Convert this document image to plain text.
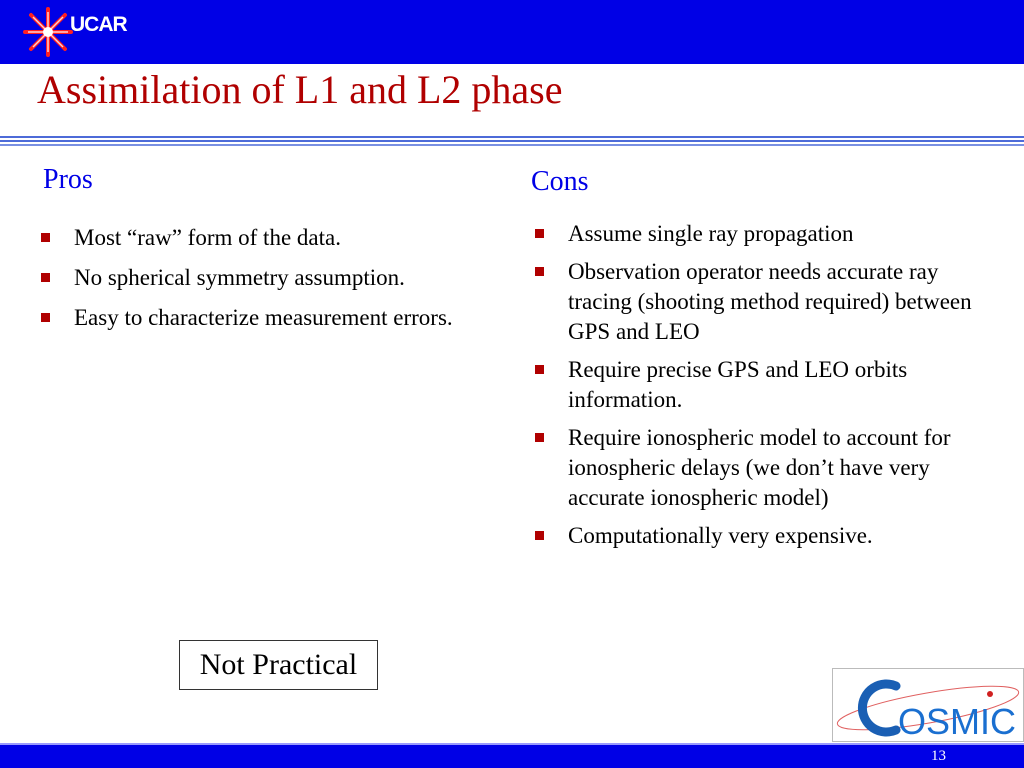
UCAR
Assimilation of L1 and L2 phase
Pros	Cons
Most “raw” form of the data.
No spherical symmetry assumption.
Easy to characterize measurement errors.
Assume single ray propagation
Observation operator needs accurate ray tracing (shooting method required) between GPS and LEO
Require precise GPS and LEO orbits information.
Require ionospheric model to account for ionospheric delays (we don’t have very accurate ionospheric model)
Computationally very expensive.
Not Practical
OSMIC
13
